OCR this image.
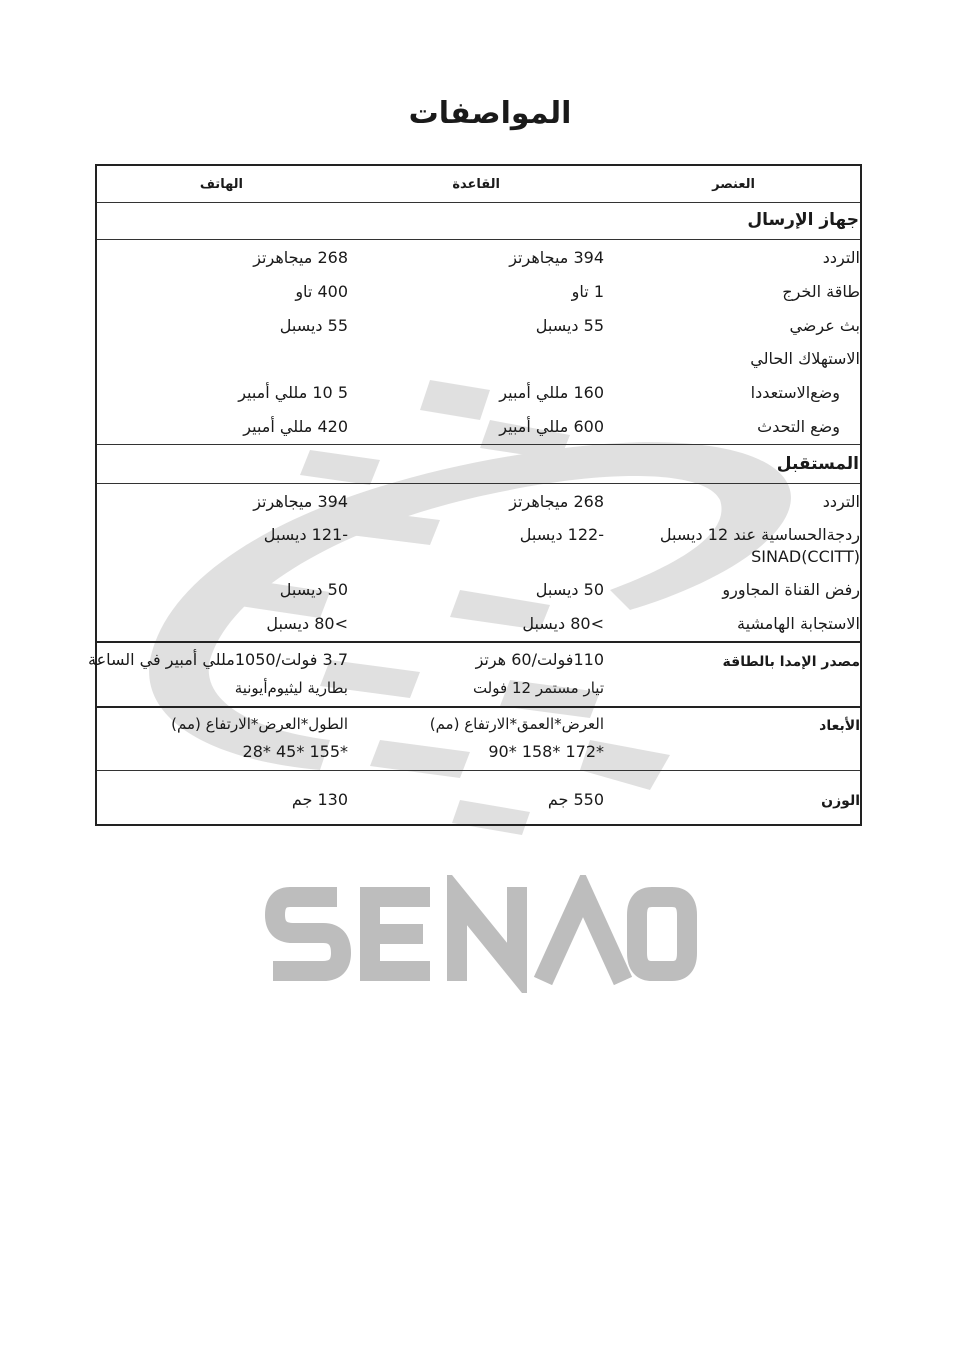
المواصفات
العنصر
القاعدة
الهاتف
جهاز الإرسال
التردد
394 ميجاهرتز
268 ميجاهرتز
طاقة الخرج
1 تاو
400 تاو
بث عرضي
55 ديسبل
55 ديسبل
الاستهلاك الحالي
وضع‌الاستعددا
160 مللي أمبير
5 10 مللي أمبير
وضع التحدث
600 مللي أمبير
420 مللي أمبير
المستقبل
التردد
268 ميجاهرتز
394 ميجاهرتز
ردجةالحساسية عند 12 ديسبل
SINAD(CCITT)
-122 ديسبل
-121 ديسبل
رفض القناة المجاورو
50 ديسبل
50 ديسبل
الاستجابة الهامشية
>80 ديسبل
>80 ديسبل
مصدر الإمدا بالطاقة
110فولت/60 هرتز
تيار مستمر 12 فولت
3.7 فولت/1050مللي أمبير في الساعة
بطارية ليثيوم‌أيونية
الأبعاد
العرض*العمق*الارتفاع (مم)
*172 *158 *90
الطول*العرض*الارتفاع (مم)
*155 *45 *28
الوزن
550 جم
130 جم
